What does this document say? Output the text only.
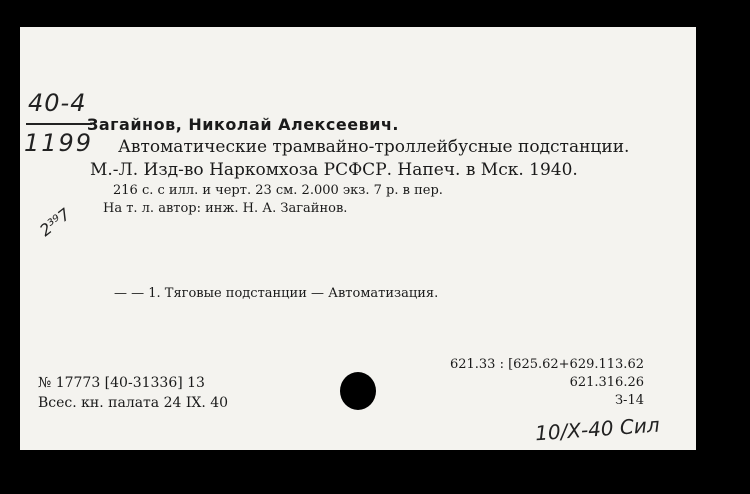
40-4
1199
Загайнов, Николай Алексеевич.
Автоматические трамвайно-троллейбусные подстанции.
М.-Л. Изд-во Наркомхоза РСФСР. Напеч. в Мск. 1940.
216 с. с илл. и черт. 23 см. 2.000 экз. 7 р. в пер.
На т. л. автор: инж. Н. А. Загайнов.
2³⁹7
— — 1. Тяговые подстанции — Автоматизация.
621.33 : [625.62+629.113.62
621.316.26
З-14
№ 17773 [40-31336] 13
Всес. кн. палата 24 IX. 40
10/Х-40 Сил
